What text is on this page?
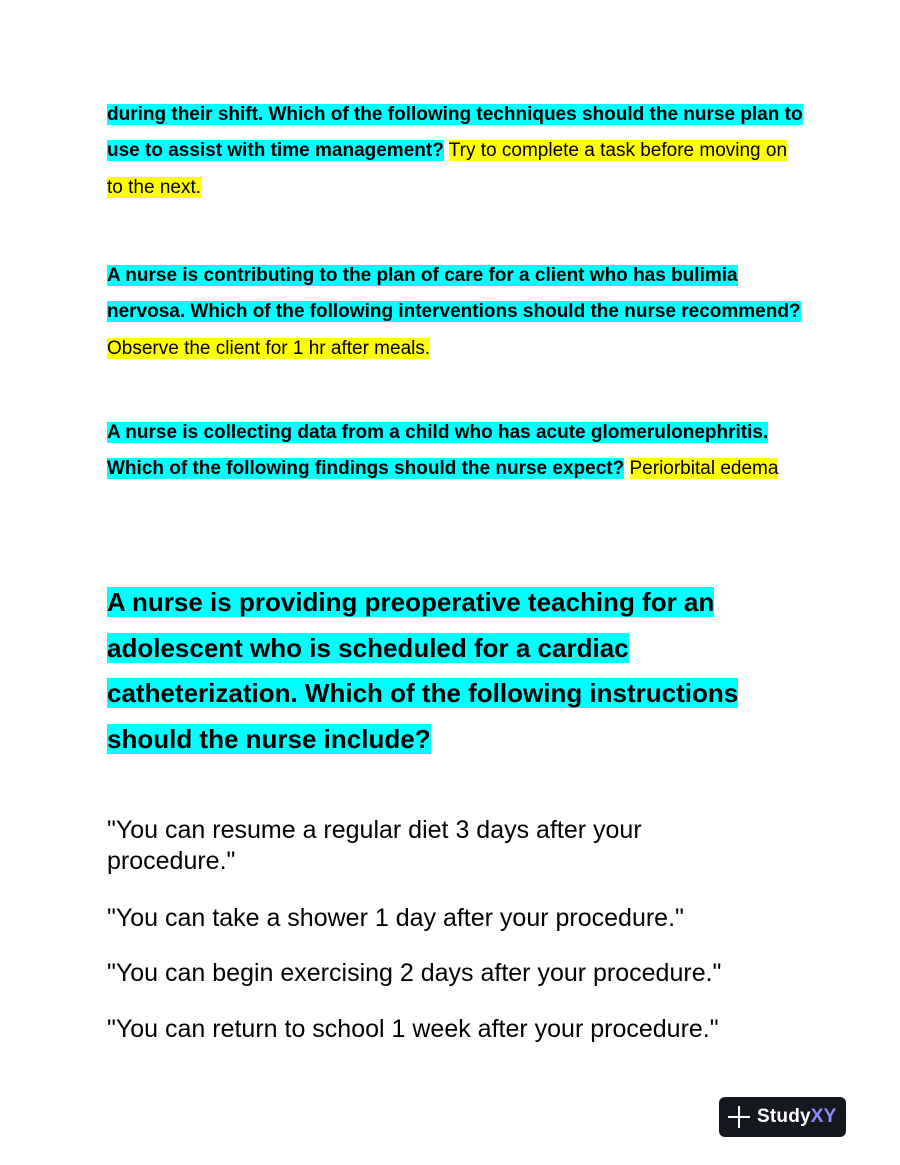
during their shift. Which of the following techniques should the nurse plan to use to assist with time management? Try to complete a task before moving on to the next.

A nurse is contributing to the plan of care for a client who has bulimia nervosa. Which of the following interventions should the nurse recommend? Observe the client for 1 hr after meals.

A nurse is collecting data from a child who has acute glomerulonephritis. Which of the following findings should the nurse expect? Periorbital edema

A nurse is providing preoperative teaching for an adolescent who is scheduled for a cardiac catheterization. Which of the following instructions should the nurse include?

"You can resume a regular diet 3 days after your procedure."

"You can take a shower 1 day after your procedure."

"You can begin exercising 2 days after your procedure."

"You can return to school 1 week after your procedure."

StudyXY
